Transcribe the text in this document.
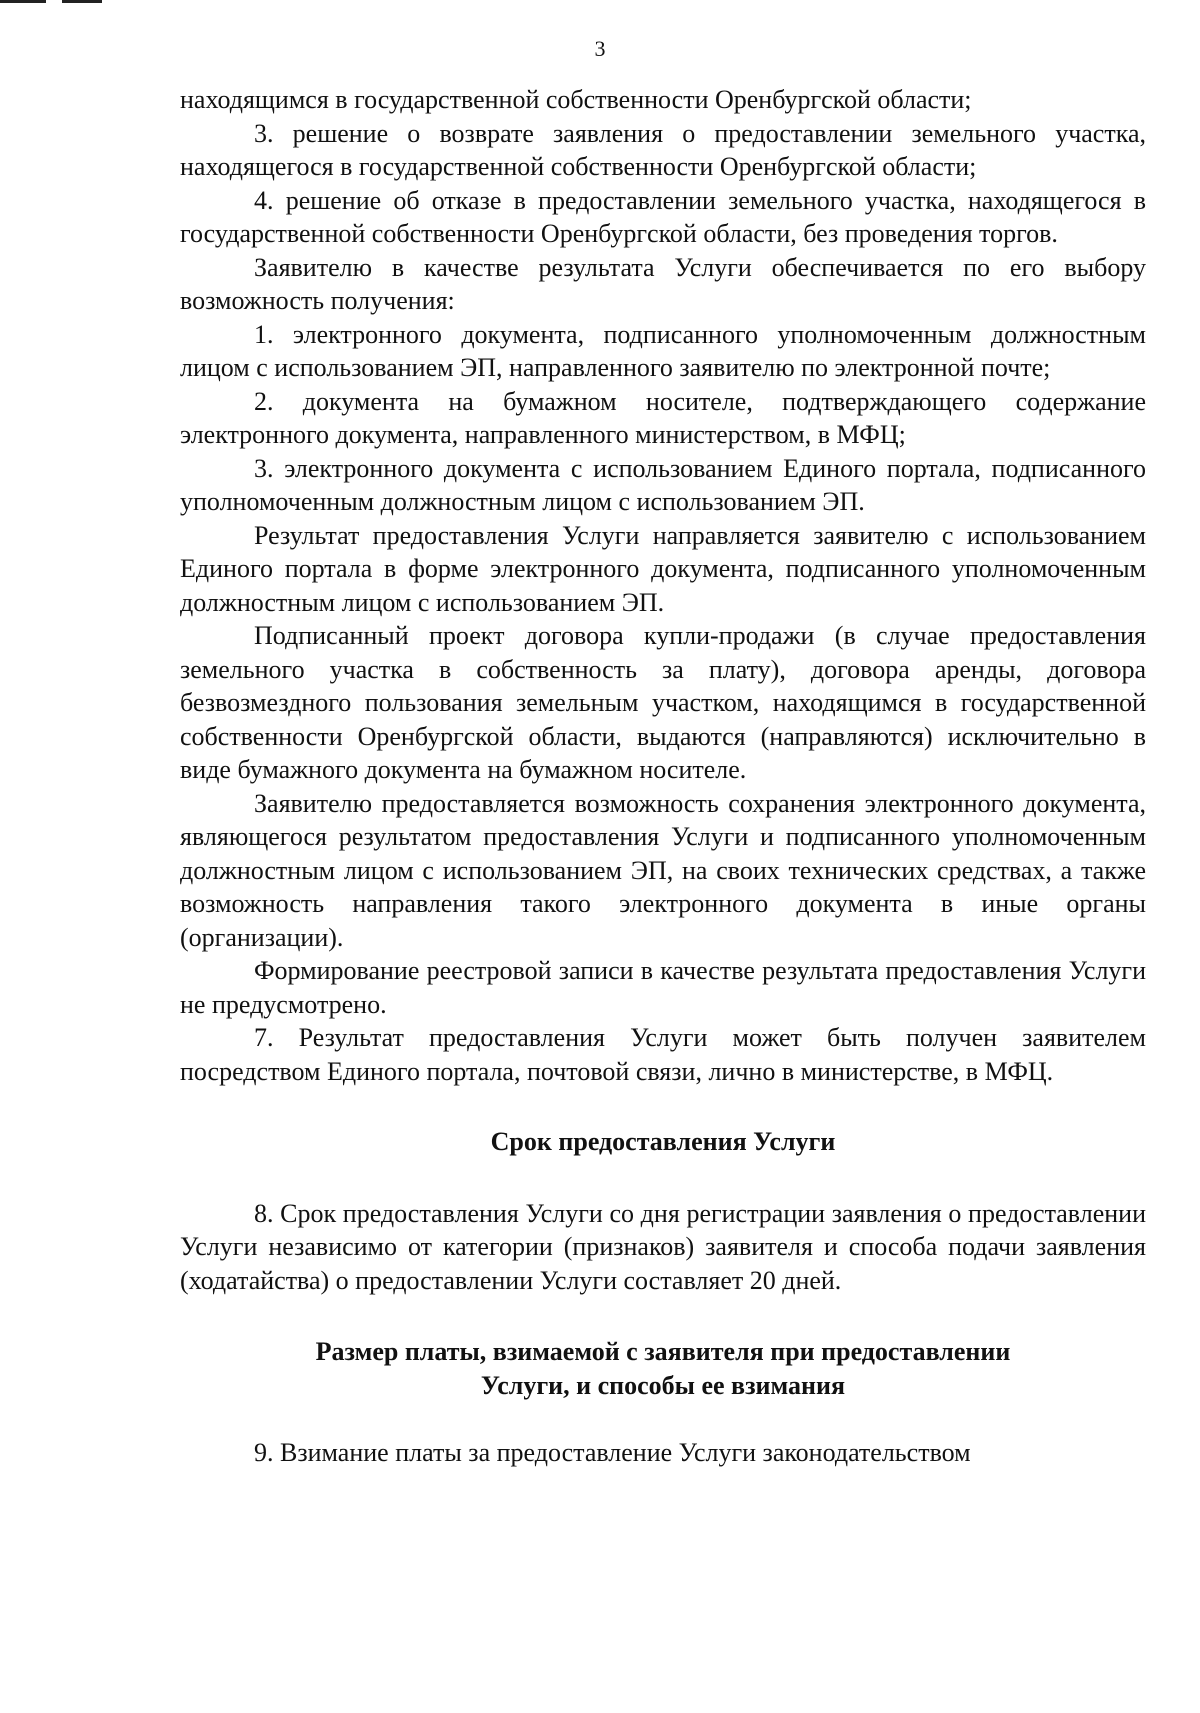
3

находящимся в государственной собственности Оренбургской области;

3. решение о возврате заявления о предоставлении земельного участка, находящегося в государственной собственности Оренбургской области;

4. решение об отказе в предоставлении земельного участка, находящегося в государственной собственности Оренбургской области, без проведения торгов.

Заявителю в качестве результата Услуги обеспечивается по его выбору возможность получения:

1. электронного документа, подписанного уполномоченным должностным лицом с использованием ЭП, направленного заявителю по электронной почте;

2. документа на бумажном носителе, подтверждающего содержание электронного документа, направленного министерством, в МФЦ;

3. электронного документа с использованием Единого портала, подписанного уполномоченным должностным лицом с использованием ЭП.

Результат предоставления Услуги направляется заявителю с использованием Единого портала в форме электронного документа, подписанного уполномоченным должностным лицом с использованием ЭП.

Подписанный проект договора купли-продажи (в случае предоставления земельного участка в собственность за плату), договора аренды, договора безвозмездного пользования земельным участком, находящимся в государственной собственности Оренбургской области, выдаются (направляются) исключительно в виде бумажного документа на бумажном носителе.

Заявителю предоставляется возможность сохранения электронного документа, являющегося результатом предоставления Услуги и подписанного уполномоченным должностным лицом с использованием ЭП, на своих технических средствах, а также возможность направления такого электронного документа в иные органы (организации).

Формирование реестровой записи в качестве результата предоставления Услуги не предусмотрено.

7. Результат предоставления Услуги может быть получен заявителем посредством Единого портала, почтовой связи, лично в министерстве, в МФЦ.

Срок предоставления Услуги

8. Срок предоставления Услуги со дня регистрации заявления о предоставлении Услуги независимо от категории (признаков) заявителя и способа подачи заявления (ходатайства) о предоставлении Услуги составляет 20 дней.

Размер платы, взимаемой с заявителя при предоставлении
Услуги, и способы ее взимания

9. Взимание платы за предоставление Услуги законодательством
